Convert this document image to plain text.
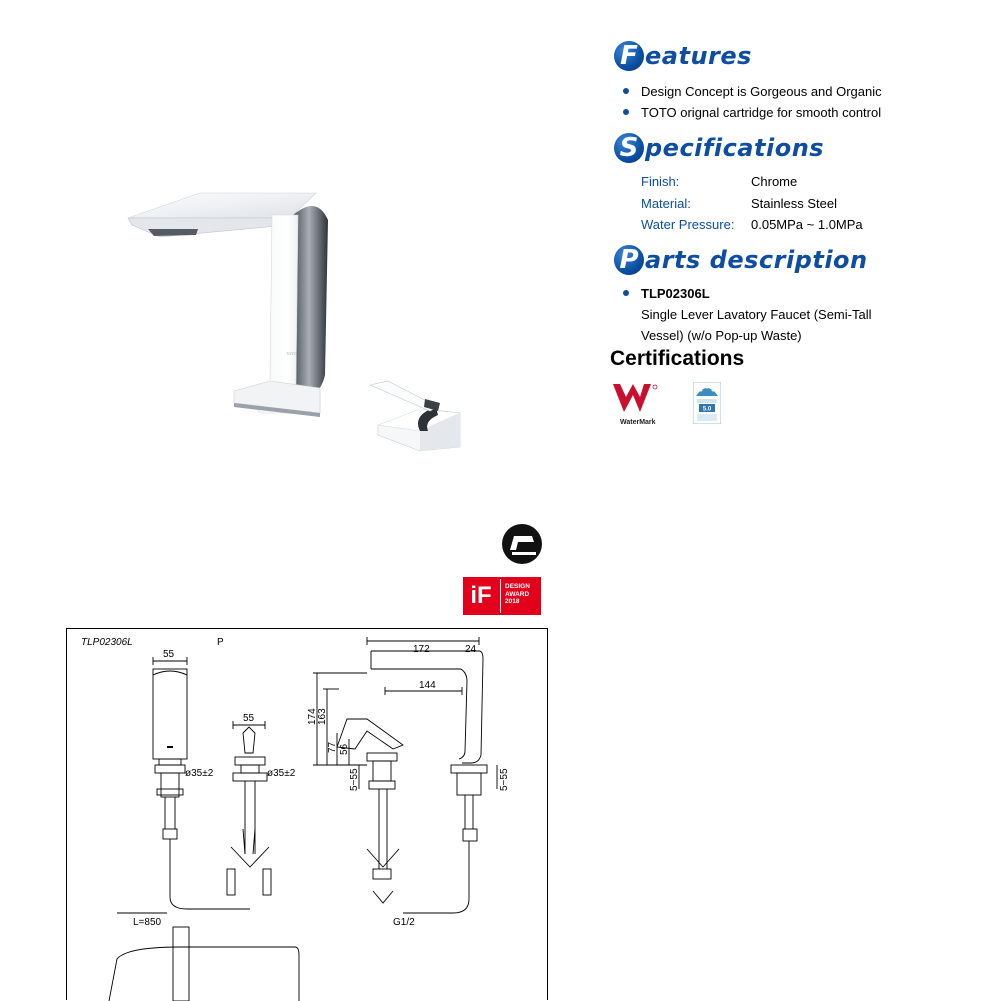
F eatures
Design Concept is Gorgeous and Organic
TOTO orignal cartridge for smooth control
S pecifications
Finish:	Chrome
Material:	Stainless Steel
Water Pressure:	0.05MPa ~ 1.0MPa
P arts description
TLP02306L
Single Lever Lavatory Faucet (Semi-Tall Vessel) (w/o Pop-up Waste)
Certifications
WaterMark
5.0
TOTO
iF	DESIGN
AWARD
2018
TLP02306L	P
55
55
ø35±2	ø35±2
172	24
144
174 163
77 56
5~55	5~55
L=850	G1/2
